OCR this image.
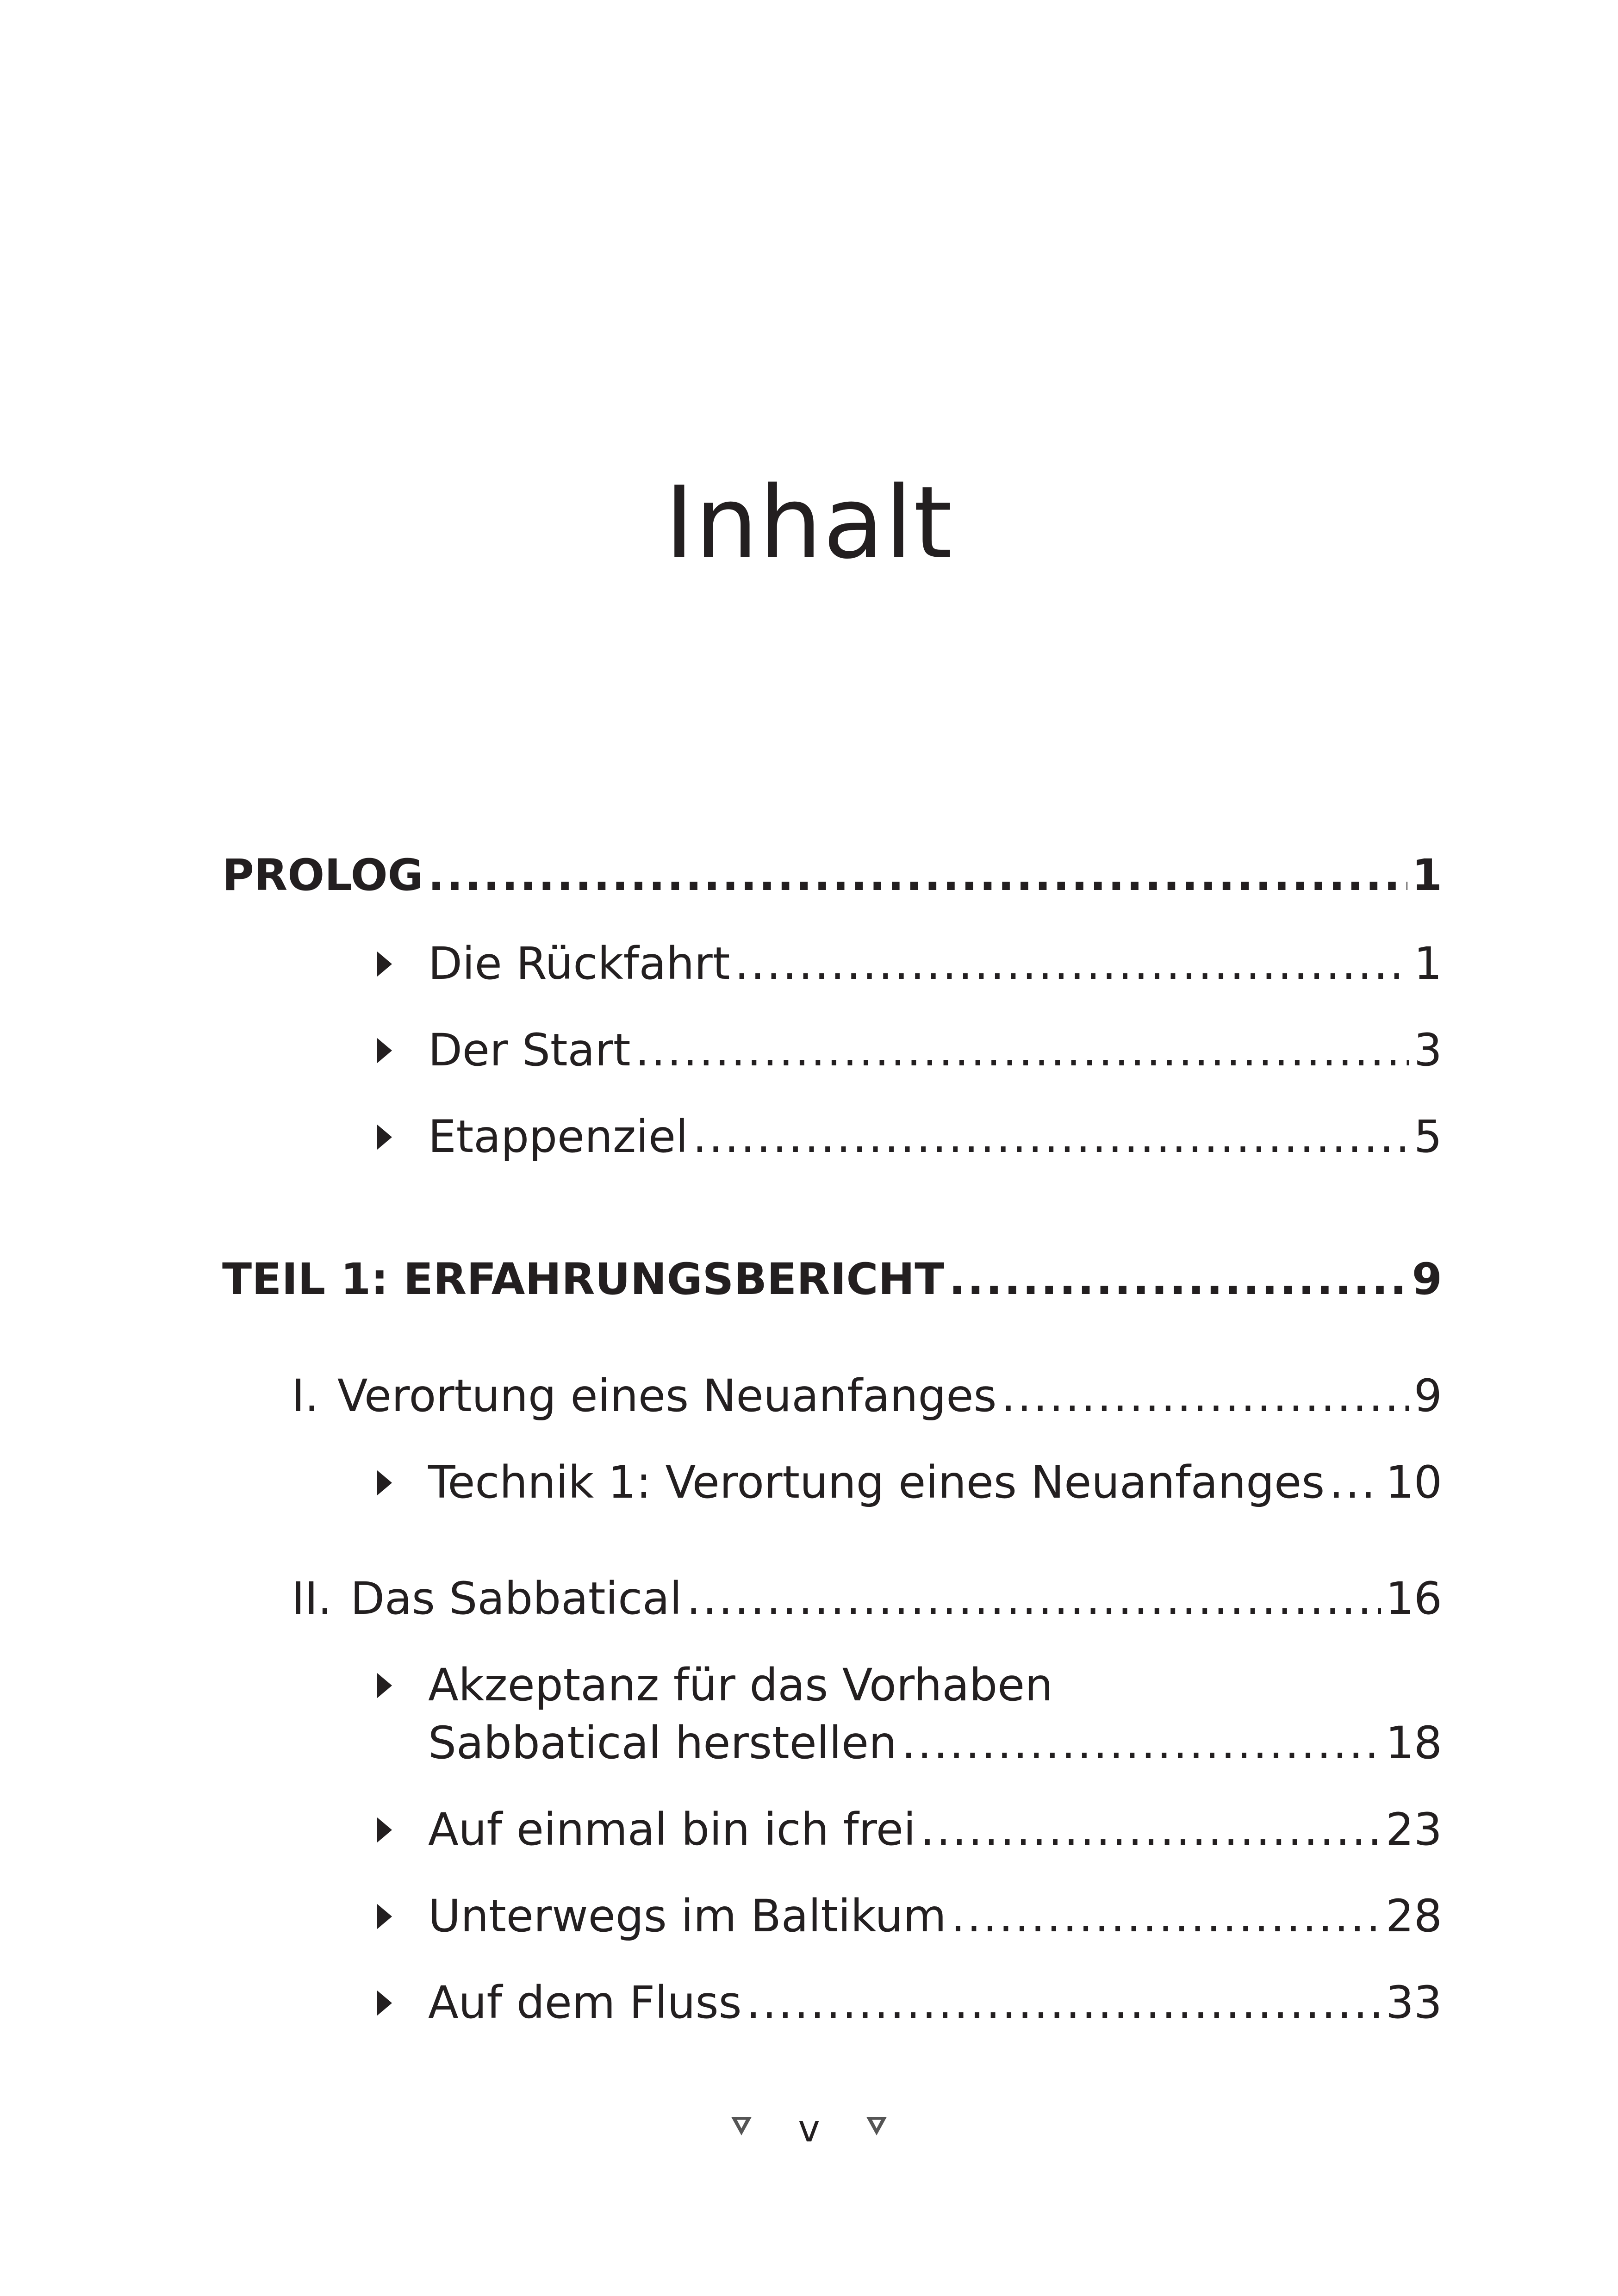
Inhalt
PROLOG .....	1
Die Rückfahrt .....	1
Der Start .....	3
Etappenziel .....	5
TEIL 1: ERFAHRUNGSBERICHT .....	9
I. Verortung eines Neuanfanges .....	9
Technik 1: Verortung eines Neuanfanges ..... 10
II. Das Sabbatical .....	16
Akzeptanz für das Vorhaben
Sabbatical herstellen .....	18
Auf einmal bin ich frei .....	23
Unterwegs im Baltikum .....	28
Auf dem Fluss .....	33
v
